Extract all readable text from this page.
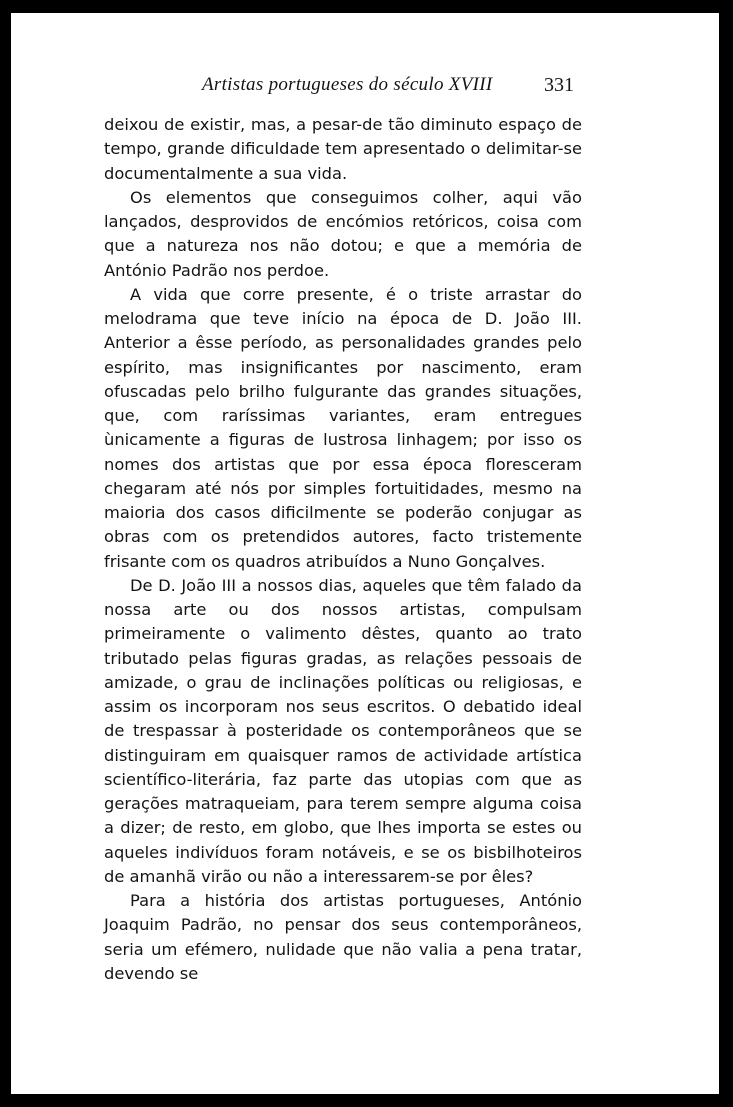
Artistas portugueses do século XVIII	331

deixou de existir, mas, a pesar-de tão diminuto espaço de tempo, grande dificuldade tem apresentado o delimitar-se documentalmente a sua vida.

Os elementos que conseguimos colher, aqui vão lançados, desprovidos de encómios retóricos, coisa com que a natureza nos não dotou; e que a memória de António Padrão nos perdoe.

A vida que corre presente, é o triste arrastar do melodrama que teve início na época de D. João III. Anterior a êsse período, as personalidades grandes pelo espírito, mas insignificantes por nascimento, eram ofuscadas pelo brilho fulgurante das grandes situações, que, com raríssimas variantes, eram entregues ùnicamente a figuras de lustrosa linhagem; por isso os nomes dos artistas que por essa época floresceram chegaram até nós por simples fortuitidades, mesmo na maioria dos casos dificilmente se poderão conjugar as obras com os pretendidos autores, facto tristemente frisante com os quadros atribuídos a Nuno Gonçalves.

De D. João III a nossos dias, aqueles que têm falado da nossa arte ou dos nossos artistas, compulsam primeiramente o valimento dêstes, quanto ao trato tributado pelas figuras gradas, as relações pessoais de amizade, o grau de inclinações políticas ou religiosas, e assim os incorporam nos seus escritos. O debatido ideal de trespassar à posteridade os contemporâneos que se distinguiram em quaisquer ramos de actividade artística scientífico-literária, faz parte das utopias com que as gerações matraqueiam, para terem sempre alguma coisa a dizer; de resto, em globo, que lhes importa se estes ou aqueles indivíduos foram notáveis, e se os bisbilhoteiros de amanhã virão ou não a interessarem-se por êles?

Para a história dos artistas portugueses, António Joaquim Padrão, no pensar dos seus contemporâneos, seria um efémero, nulidade que não valia a pena tratar, devendo se
